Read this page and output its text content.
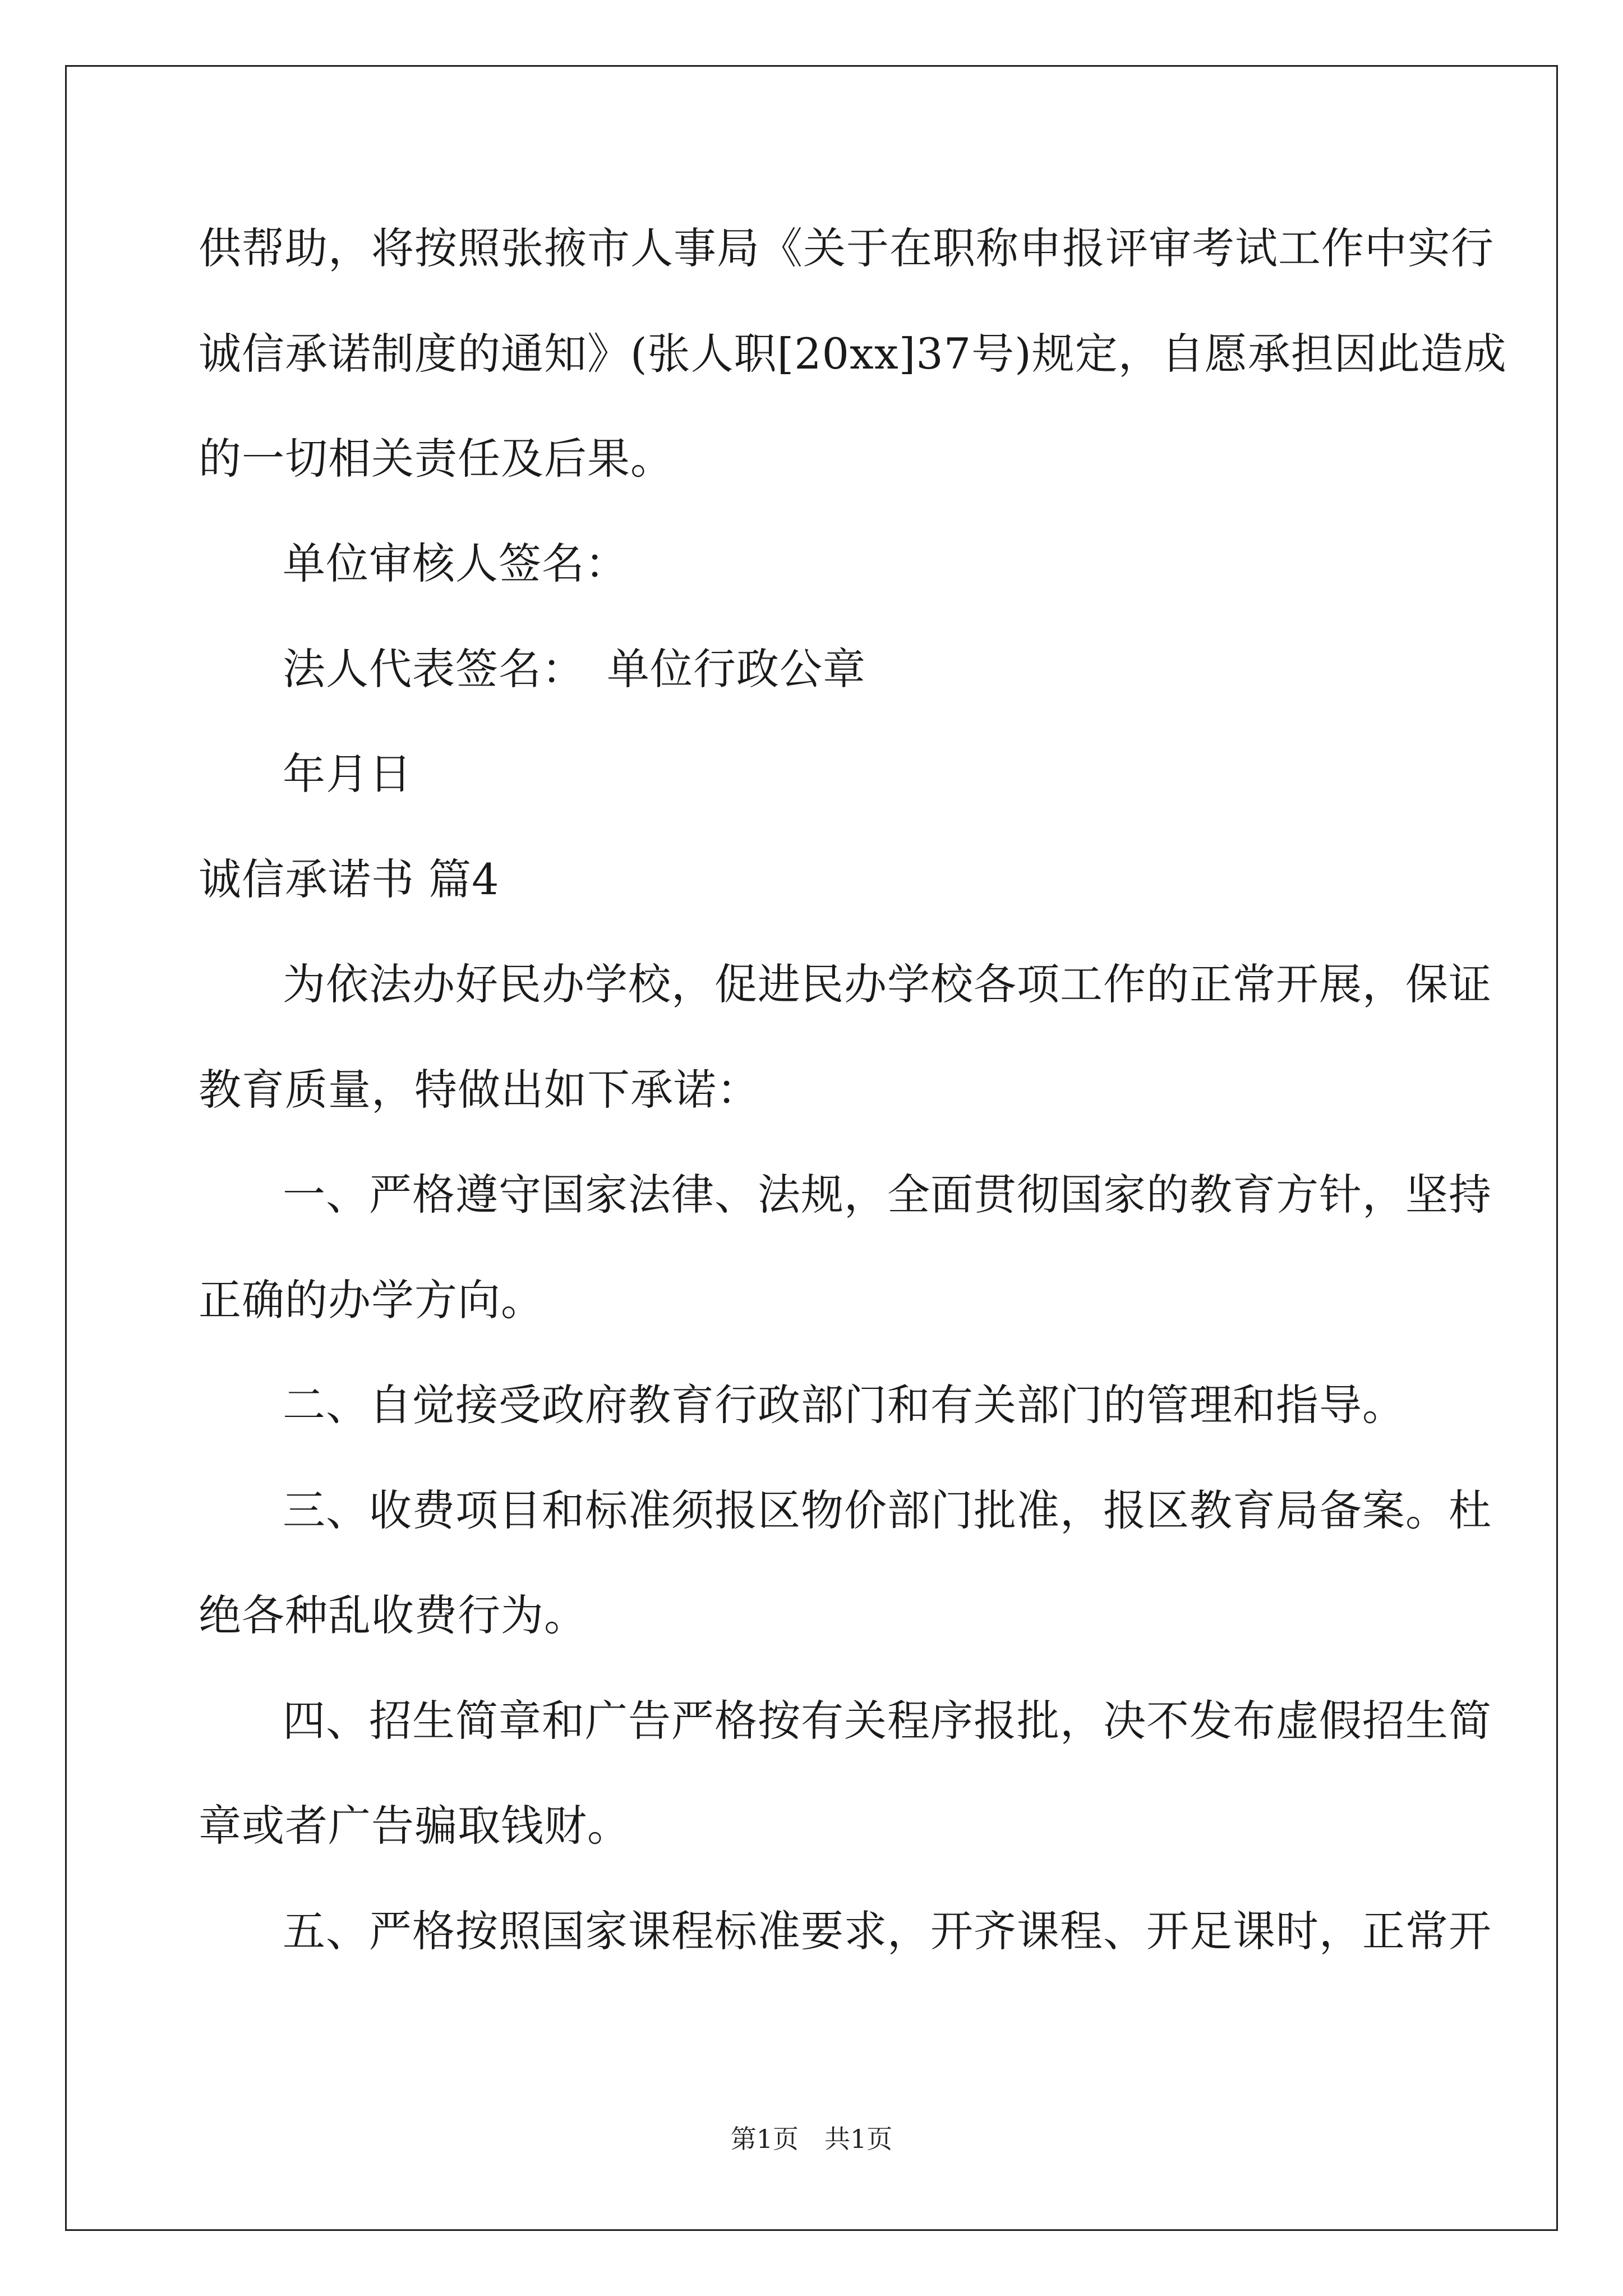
供帮助，将按照张掖市人事局《关于在职称申报评审考试工作中实行
诚信承诺制度的通知》(张人职[20xx]37号)规定，自愿承担因此造成
的一切相关责任及后果。
单位审核人签名：
法人代表签名：　单位行政公章
年月日
诚信承诺书 篇4
为依法办好民办学校，促进民办学校各项工作的正常开展，保证
教育质量，特做出如下承诺：
一、严格遵守国家法律、法规，全面贯彻国家的教育方针，坚持
正确的办学方向。
二、自觉接受政府教育行政部门和有关部门的管理和指导。
三、收费项目和标准须报区物价部门批准，报区教育局备案。杜
绝各种乱收费行为。
四、招生简章和广告严格按有关程序报批，决不发布虚假招生简
章或者广告骗取钱财。
五、严格按照国家课程标准要求，开齐课程、开足课时，正常开
第1页　共1页
